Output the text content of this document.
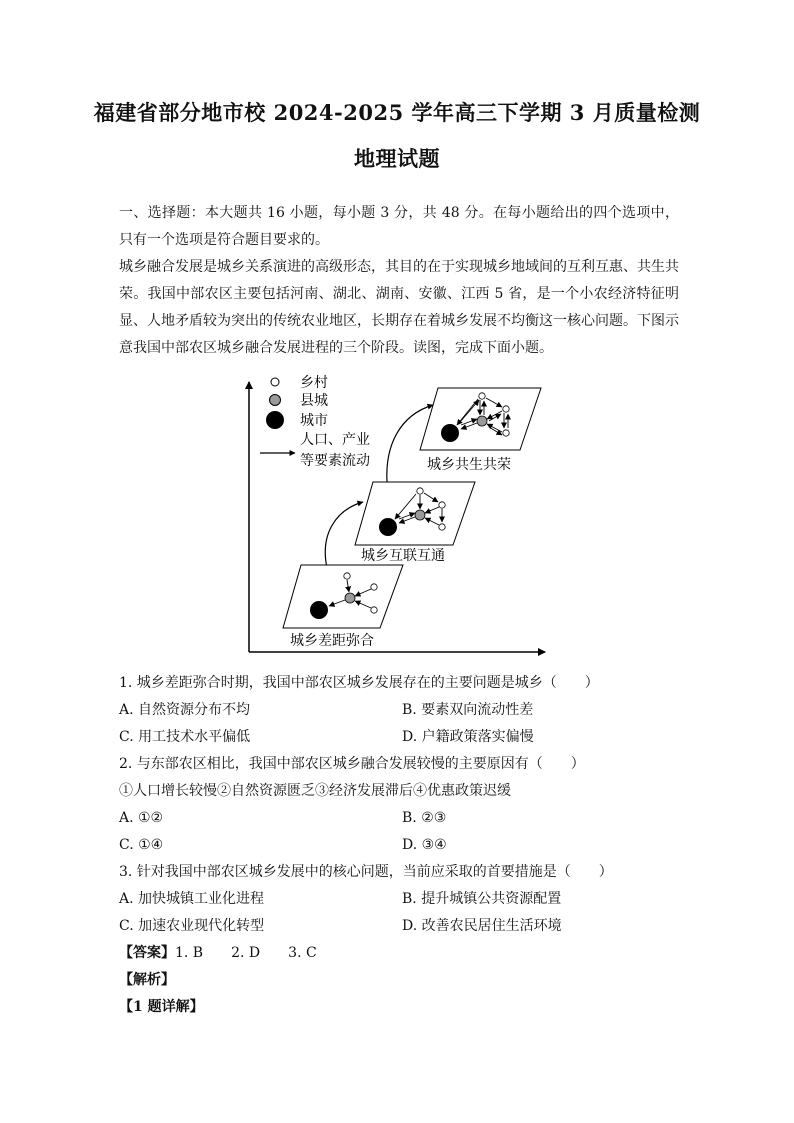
福建省部分地市校 2024-2025 学年高三下学期 3 月质量检测
地理试题
一、选择题：本大题共 16 小题，每小题 3 分，共 48 分。在每小题给出的四个选项中，只有一个选项是符合题目要求的。
城乡融合发展是城乡关系演进的高级形态，其目的在于实现城乡地域间的互利互惠、共生共荣。我国中部农区主要包括河南、湖北、湖南、安徽、江西 5 省，是一个小农经济特征明显、人地矛盾较为突出的传统农业地区，长期存在着城乡发展不均衡这一核心问题。下图示意我国中部农区城乡融合发展进程的三个阶段。读图，完成下面小题。
乡村
县城
城市
人口、产业
等要素流动
城乡差距弥合
城乡互联互通
城乡共生共荣
1. 城乡差距弥合时期，我国中部农区城乡发展存在的主要问题是城乡（　　）
A. 自然资源分布不均	B. 要素双向流动性差
C. 用工技术水平偏低	D. 户籍政策落实偏慢
2. 与东部农区相比，我国中部农区城乡融合发展较慢的主要原因有（　　）
①人口增长较慢②自然资源匮乏③经济发展滞后④优惠政策迟缓
A. ①②	B. ②③
C. ①④	D. ③④
3. 针对我国中部农区城乡发展中的核心问题，当前应采取的首要措施是（　　）
A. 加快城镇工业化进程	B. 提升城镇公共资源配置
C. 加速农业现代化转型	D. 改善农民居住生活环境
【答案】1. B 2. D 3. C
【解析】
【1 题详解】
